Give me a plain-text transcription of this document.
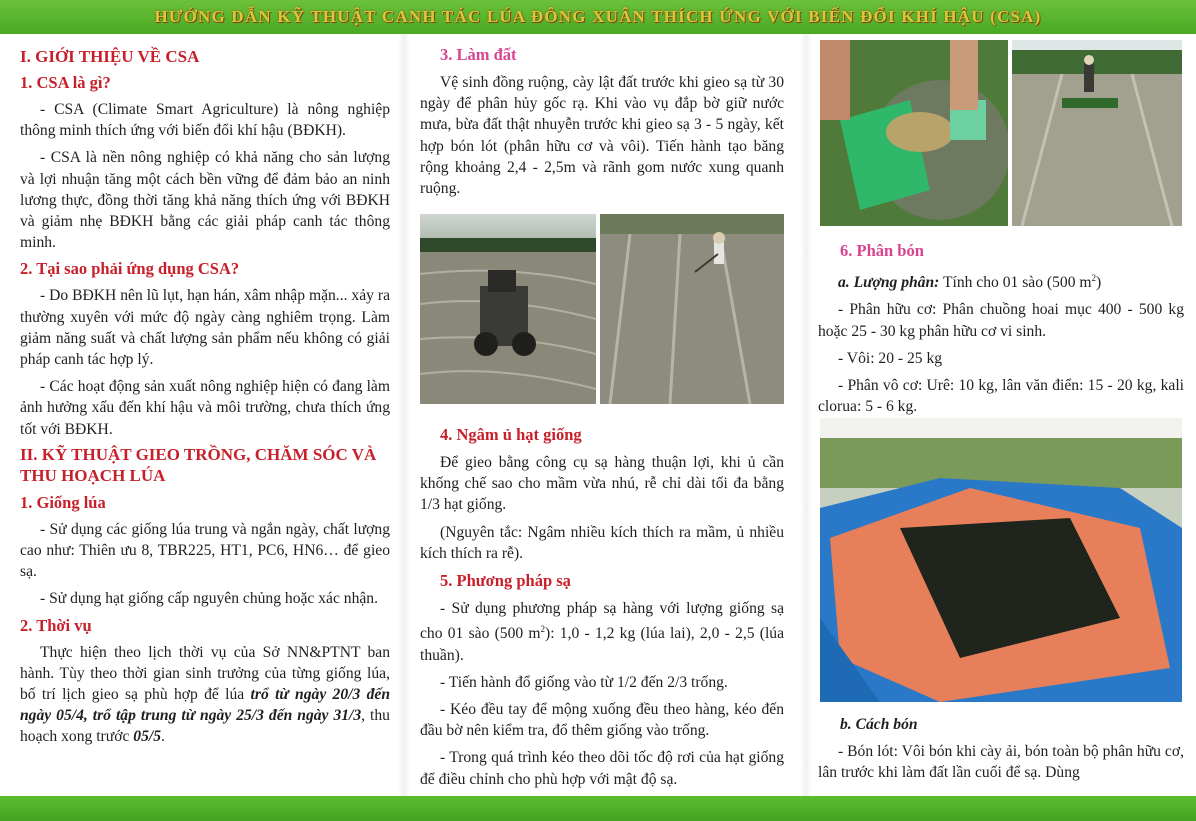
HƯỚNG DẪN KỸ THUẬT CANH TÁC LÚA ĐÔNG XUÂN THÍCH ỨNG VỚI BIẾN ĐỔI KHÍ HẬU (CSA)
I. GIỚI THIỆU VỀ CSA
1. CSA là gì?

- CSA (Climate Smart Agriculture) là nông nghiệp thông minh thích ứng với biến đổi khí hậu (BĐKH).

- CSA là nền nông nghiệp có khả năng cho sản lượng và lợi nhuận tăng một cách bền vững để đảm bảo an ninh lương thực, đồng thời tăng khả năng thích ứng với BĐKH và giảm nhẹ BĐKH bằng các giải pháp canh tác thông minh.

2. Tại sao phải ứng dụng CSA?

- Do BĐKH nên lũ lụt, hạn hán, xâm nhập mặn... xảy ra thường xuyên với mức độ ngày càng nghiêm trọng. Làm giảm năng suất và chất lượng sản phẩm nếu không có giải pháp canh tác hợp lý.

- Các hoạt động sản xuất nông nghiệp hiện có đang làm ảnh hưởng xấu đến khí hậu và môi trường, chưa thích ứng tốt với BĐKH.

II. KỸ THUẬT GIEO TRỒNG, CHĂM SÓC VÀ THU HOẠCH LÚA
1. Giống lúa

- Sử dụng các giống lúa trung và ngắn ngày, chất lượng cao như: Thiên ưu 8, TBR225, HT1, PC6, HN6… để gieo sạ.

- Sử dụng hạt giống cấp nguyên chủng hoặc xác nhận.

2. Thời vụ

Thực hiện theo lịch thời vụ của Sở NN&PTNT ban hành. Tùy theo thời gian sinh trưởng của từng giống lúa, bố trí lịch gieo sạ phù hợp để lúa trổ từ ngày 20/3 đến ngày 05/4, trổ tập trung từ ngày 25/3 đến ngày 31/3, thu hoạch xong trước 05/5.

3. Làm đất

Vệ sinh đồng ruộng, cày lật đất trước khi gieo sạ từ 30 ngày để phân hủy gốc rạ. Khi vào vụ đắp bờ giữ nước mưa, bừa đất thật nhuyễn trước khi gieo sạ 3 - 5 ngày, kết hợp bón lót (phân hữu cơ và vôi). Tiến hành tạo băng rộng khoảng 2,4 - 2,5m và rãnh gom nước xung quanh ruộng.

4. Ngâm ủ hạt giống

Để gieo bằng công cụ sạ hàng thuận lợi, khi ủ cần khống chế sao cho mầm vừa nhú, rễ chỉ dài tối đa bằng 1/3 hạt giống.

(Nguyên tắc: Ngâm nhiều kích thích ra mầm, ủ nhiều kích thích ra rễ).

5. Phương pháp sạ

- Sử dụng phương pháp sạ hàng với lượng giống sạ cho 01 sào (500 $m^2$): 1,0 - 1,2 kg (lúa lai), 2,0 - 2,5 (lúa thuần).

- Tiến hành đổ giống vào từ 1/2 đến 2/3 trống.

- Kéo đều tay để mộng xuống đều theo hàng, kéo đến đầu bờ nên kiểm tra, đổ thêm giống vào trống.

- Trong quá trình kéo theo dõi tốc độ rơi của hạt giống để điều chỉnh cho phù hợp với mật độ sạ.

6. Phân bón

a. Lượng phân: Tính cho 01 sào (500 $m^2$)

- Phân hữu cơ: Phân chuồng hoai mục 400 - 500 kg hoặc 25 - 30 kg phân hữu cơ vi sinh.

- Vôi: 20 - 25 kg

- Phân vô cơ: Urê: 10 kg, lân văn điển: 15 - 20 kg, kali clorua: 5 - 6 kg.

b. Cách bón

- Bón lót: Vôi bón khi cày ải, bón toàn bộ phân hữu cơ, lân trước khi làm đất lần cuối để sạ. Dùng
